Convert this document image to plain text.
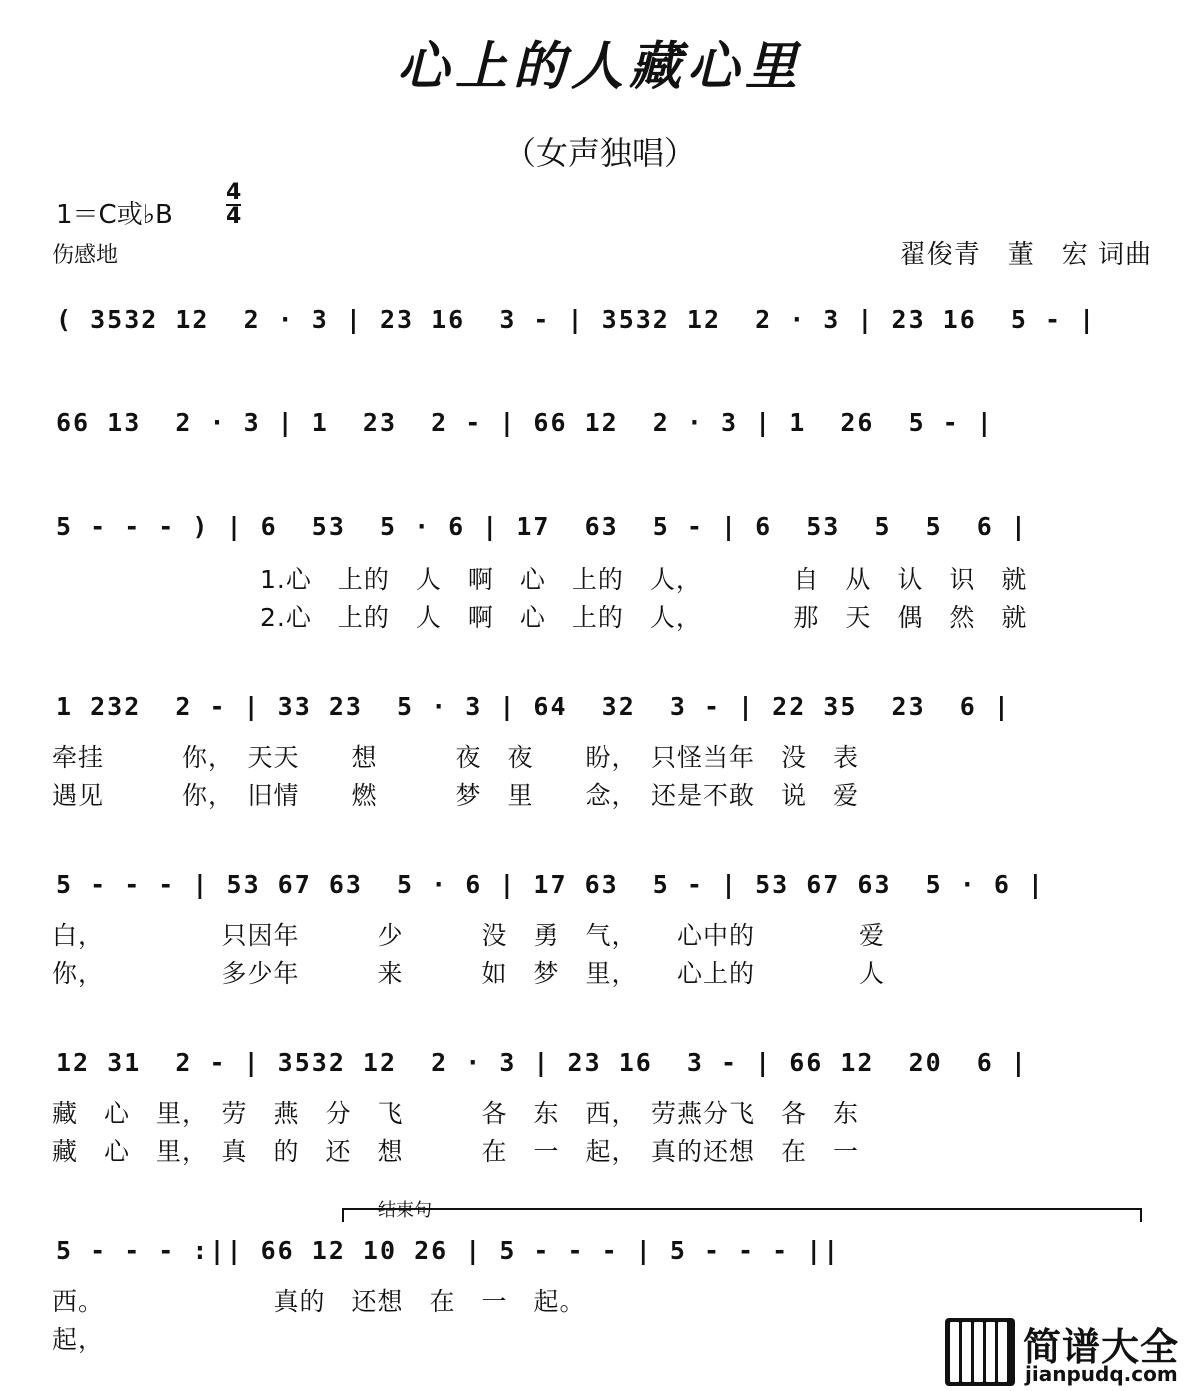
心上的人藏心里
（女声独唱）
1＝C或♭B
4
4
伤感地	翟俊青　董　宏 词曲
( 3532 12  2 · 3 | 23 16  3 - | 3532 12  2 · 3 | 23 16  5 - |
66 13  2 · 3 | 1  23  2 - | 66 12  2 · 3 | 1  26  5 - |
5 - - - ) | 6  53  5 · 6 | 17  63  5 - | 6  53  5  5  6 |
　　　　　　　　1.心　上的　人　啊　心　上的　人，　　　　自　从　认　识　就
　　　　　　　　2.心　上的　人　啊　心　上的　人，　　　　那　天　偶　然　就
1 232  2 - | 33 23  5 · 3 | 64  32  3 - | 22 35  23  6 |
牵挂　　　你，　天天　　想　　　夜　夜　　盼，　只怪当年　没　表
遇见　　　你，　旧情　　燃　　　梦　里　　念，　还是不敢　说　爱
5 - - - | 53 67 63  5 · 6 | 17 63  5 - | 53 67 63  5 · 6 |
白，　　　　　只因年　　　少　　　没　勇　气，　　心中的　　　　爱
你，　　　　　多少年　　　来　　　如　梦　里，　　心上的　　　　人
12 31  2 - | 3532 12  2 · 3 | 23 16  3 - | 66 12  20  6 |
藏　心　里，　劳　燕　分　飞　　　各　东　西，　劳燕分飞　各　东
藏　心　里，　真　的　还　想　　　在　一　起，　真的还想　在　一
结束句
5 - - - :|| 66 12 10 26 | 5 - - - | 5 - - - ||
西。　　　　　　　真的　还想　在　一　起。
起，	简谱大全
jianpudq.com
